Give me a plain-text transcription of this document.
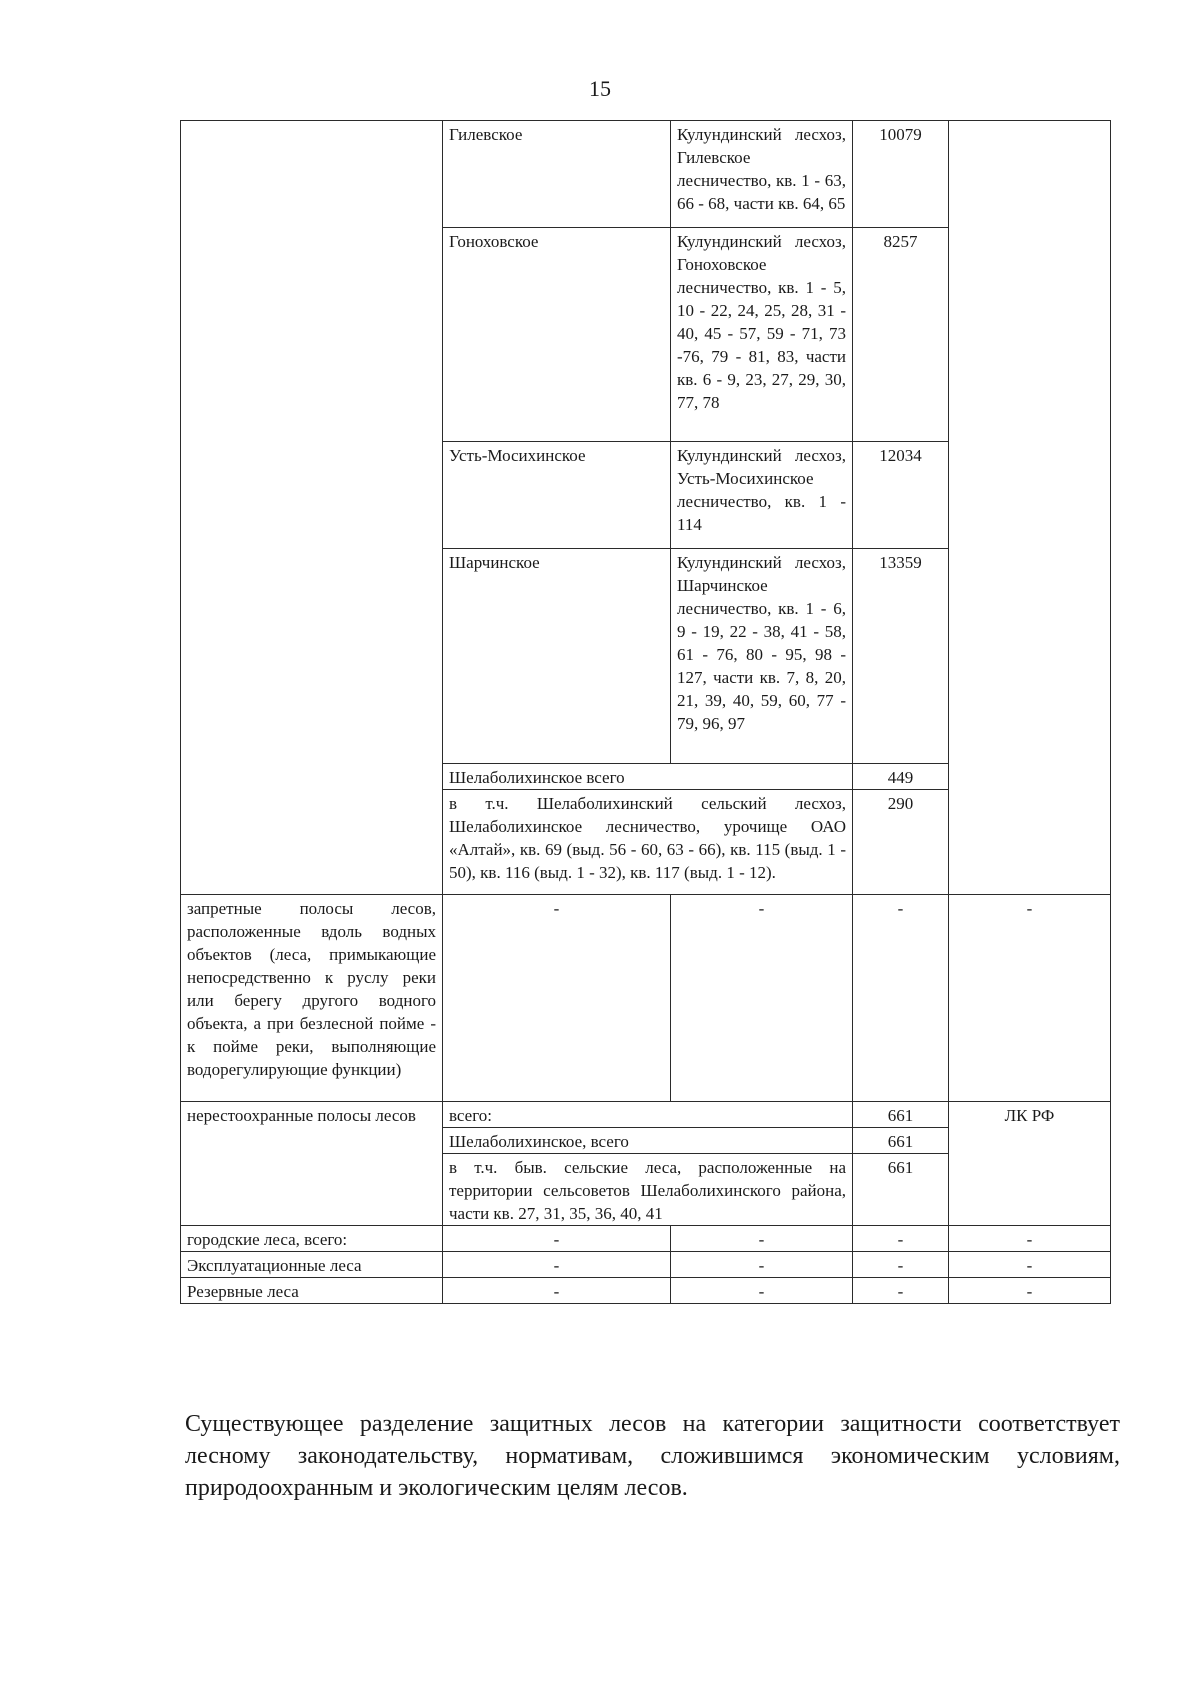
15
	Гилевское	Кулундинский лесхоз, Гилевское лесничество, кв. 1 - 63, 66 - 68, части кв. 64, 65	10079	
	Гоноховское	Кулундинский лесхоз, Гоноховское лесничество, кв. 1 - 5, 10 - 22, 24, 25, 28, 31 - 40, 45 - 57, 59 - 71, 73 -76, 79 - 81, 83, части кв. 6 - 9, 23, 27, 29, 30, 77, 78	8257	
	Усть-Мосихинское	Кулундинский лесхоз, Усть-Мосихинское лесничество, кв. 1 - 114	12034	
	Шарчинское	Кулундинский лесхоз, Шарчинское лесничество, кв. 1 - 6, 9 - 19, 22 - 38, 41 - 58, 61 - 76, 80 - 95, 98 - 127, части кв. 7, 8, 20, 21, 39, 40, 59, 60, 77 - 79, 96, 97	13359	
	Шелаболихинское всего		449	
	в т.ч. Шелаболихинский сельский лесхоз, Шелаболихинское лесничество, урочище ОАО «Алтай», кв. 69 (выд. 56 - 60, 63 - 66), кв. 115 (выд. 1 - 50), кв. 116 (выд. 1 - 32), кв. 117 (выд. 1 - 12).		290	
запретные полосы лесов, расположенные вдоль водных объектов (леса, примыкающие непосредственно к руслу реки или берегу другого водного объекта, а при безлесной пойме - к пойме реки, выполняющие водорегулирующие функции)	-	-	-	-
нерестоохранные полосы лесов	всего:		661	ЛК РФ
	Шелаболихинское, всего		661	
	в т.ч. быв. сельские леса, расположенные на территории сельсоветов Шелаболихинского района, части кв. 27, 31, 35, 36, 40, 41		661	
городские леса, всего:	-	-	-	-
Эксплуатационные леса	-	-	-	-
Резервные леса	-	-	-	-

Существующее разделение защитных лесов на категории защитности соответствует лесному законодательству, нормативам, сложившимся экономическим условиям, природоохранным и экологическим целям лесов.
